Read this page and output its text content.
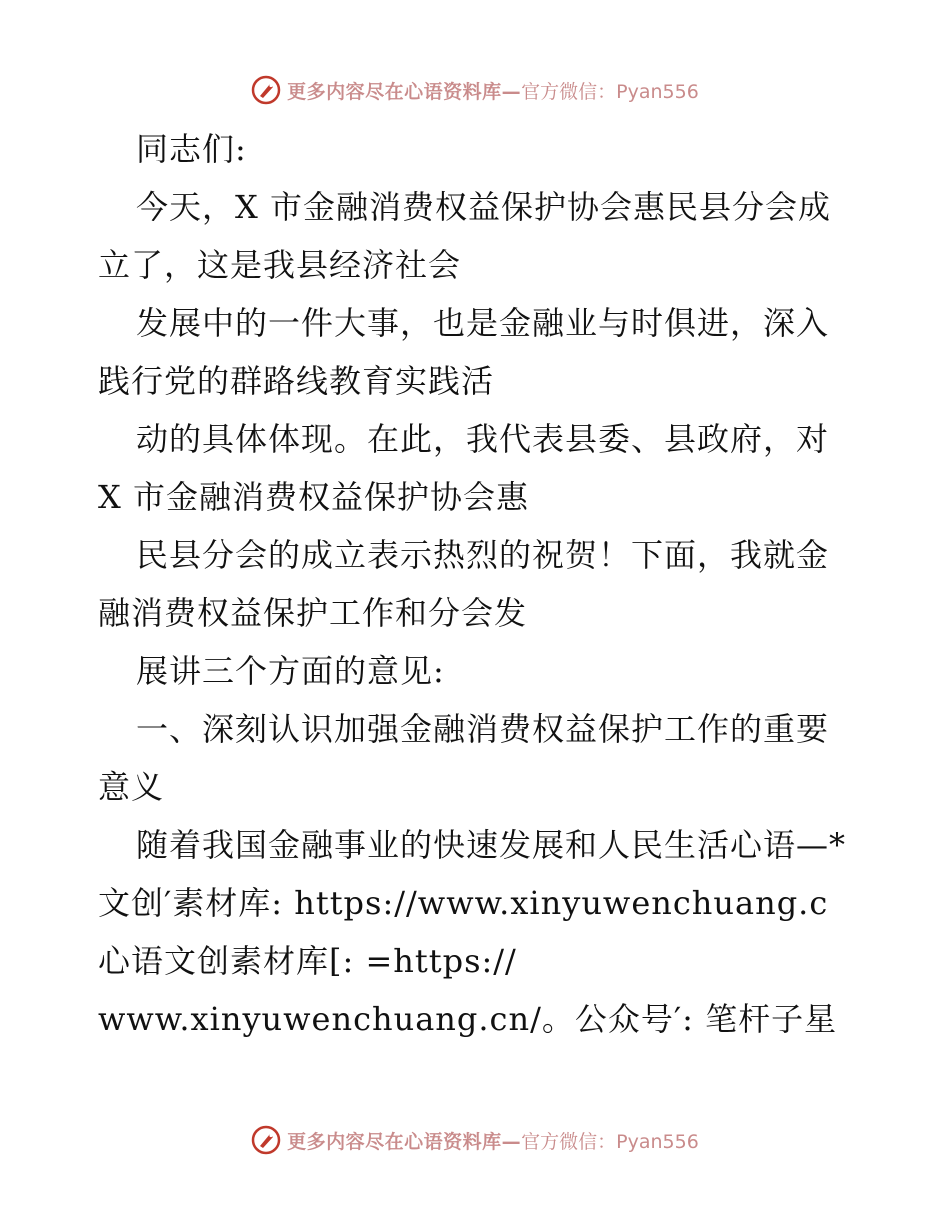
更多内容尽在心语资料库— 官方微信：Pyan556

同志们:

今天，X 市金融消费权益保护协会惠民县分会成立了，这是我县经济社会

发展中的一件大事，也是金融业与时俱进，深入践行党的群路线教育实践活

动的具体体现。在此，我代表县委、县政府，对 X 市金融消费权益保护协会惠

民县分会的成立表示热烈的祝贺！下面，我就金融消费权益保护工作和分会发

展讲三个方面的意见:

一、深刻认识加强金融消费权益保护工作的重要意义

随着我国金融事业的快速发展和人民生活心语—*文创′素材库: https://www.xinyuwenchuang.c心语文创素材库[: =https://

www.xinyuwenchuang.cn/。公众号′: 笔杆子星

更多内容尽在心语资料库— 官方微信：Pyan556
